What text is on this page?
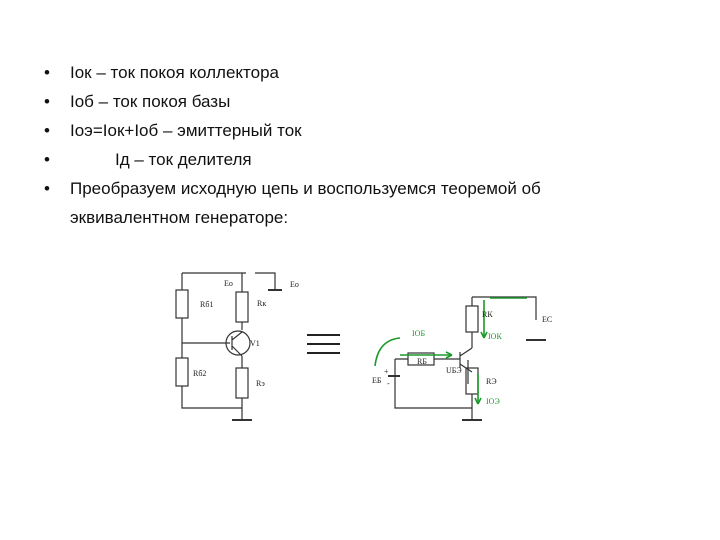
• Iок – ток покоя коллектора
• Iоб – ток покоя базы
• Iоэ=Iок+Iоб – эмиттерный ток
•	Iд – ток делителя
• Преобразуем исходную цепь и воспользуемся теоремой об
эквивалентном генераторе:
Rб1	Rк
V1
Rб2
Rэ
Eо	Eо
RК
EС
IОБ	IОК
RБ
UБЭ
EБ
+
-	RЭ
IОЭ
